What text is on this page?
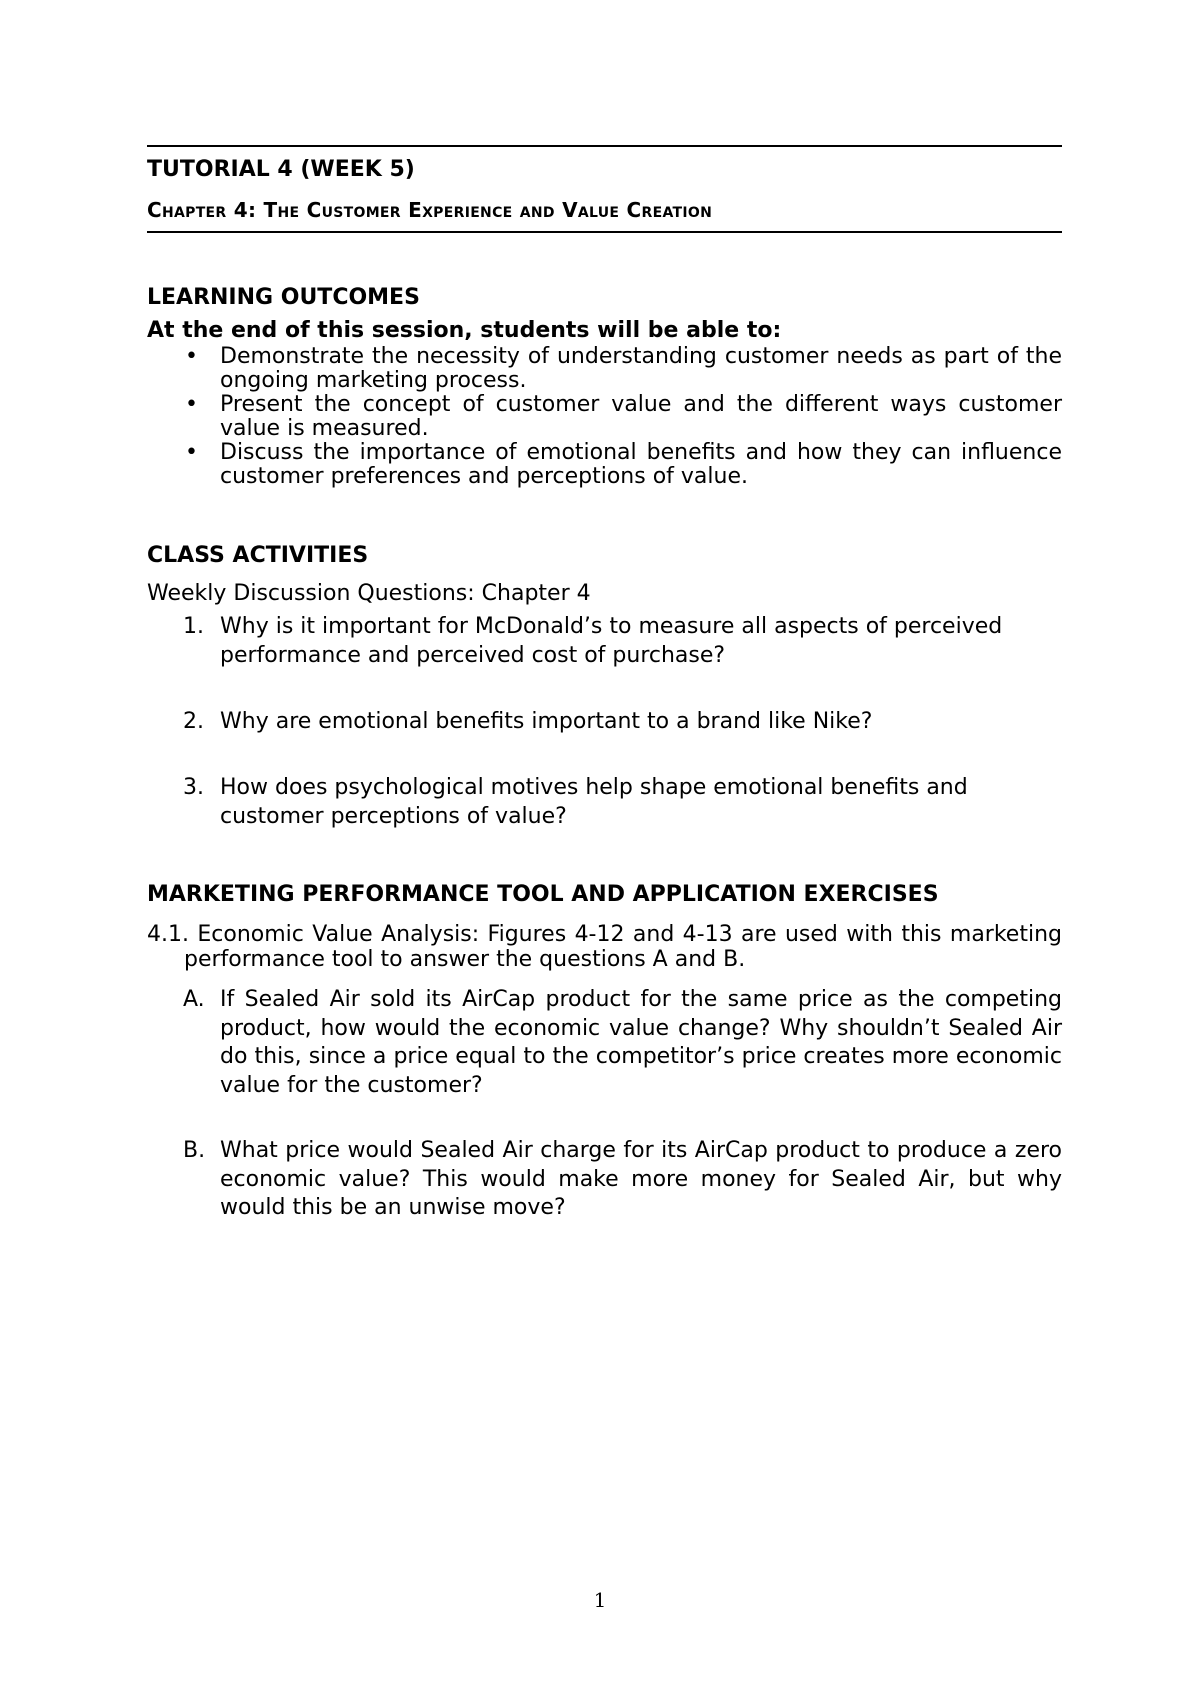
TUTORIAL 4 (WEEK 5)
Chapter 4: The Customer Experience and Value Creation

LEARNING OUTCOMES

At the end of this session, students will be able to:

• Demonstrate the necessity of understanding customer needs as part of the ongoing marketing process.
• Present the concept of customer value and the different ways customer value is measured.
• Discuss the importance of emotional benefits and how they can influence customer preferences and perceptions of value.

CLASS ACTIVITIES

Weekly Discussion Questions: Chapter 4

1. Why is it important for McDonald’s to measure all aspects of perceived performance and perceived cost of purchase?
2. Why are emotional benefits important to a brand like Nike?
3. How does psychological motives help shape emotional benefits and customer perceptions of value?

MARKETING PERFORMANCE TOOL AND APPLICATION EXERCISES

4.1. Economic Value Analysis: Figures 4-12 and 4-13 are used with this marketing performance tool to answer the questions A and B.

A. If Sealed Air sold its AirCap product for the same price as the competing product, how would the economic value change? Why shouldn’t Sealed Air do this, since a price equal to the competitor’s price creates more economic value for the customer?
B. What price would Sealed Air charge for its AirCap product to produce a zero economic value? This would make more money for Sealed Air, but why would this be an unwise move?
1
